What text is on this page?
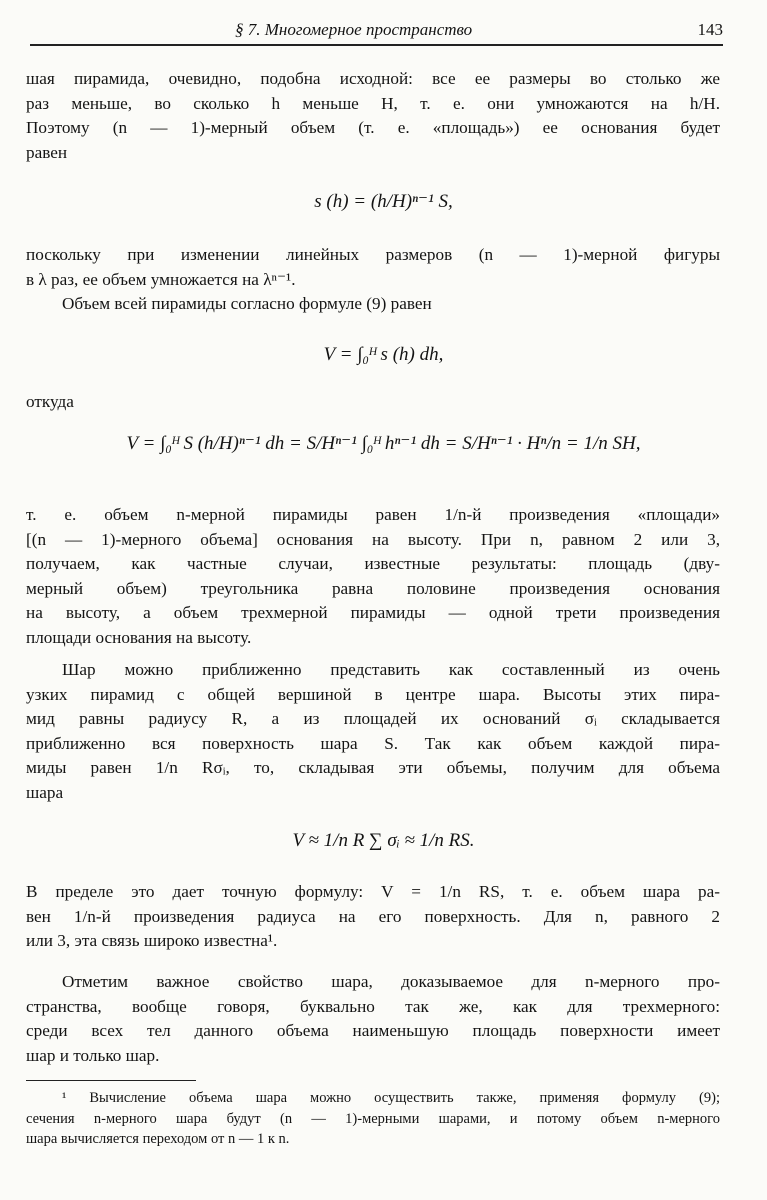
§ 7. Многомерное пространство	143
шая пирамида, очевидно, подобна исходной: все ее размеры во столько же
раз меньше, во сколько h меньше H, т. е. они умножаются на h/H.
Поэтому (n — 1)-мерный объем (т. е. «площадь») ее основания будет
равен
s (h) = (h/H)ⁿ⁻¹ S,
поскольку при изменении линейных размеров (n — 1)-мерной фигуры
в λ раз, ее объем умножается на λⁿ⁻¹.
Объем всей пирамиды согласно формуле (9) равен
V = ∫₀ᴴ s (h) dh,
откуда
V = ∫₀ᴴ S (h/H)ⁿ⁻¹ dh = S/Hⁿ⁻¹ ∫₀ᴴ hⁿ⁻¹ dh = S/Hⁿ⁻¹ · Hⁿ/n = 1/n SH,
т. е. объем n-мерной пирамиды равен 1/n-й произведения «площади»
[(n — 1)-мерного объема] основания на высоту. При n, равном 2 или 3,
получаем, как частные случаи, известные результаты: площадь (дву-
мерный объем) треугольника равна половине произведения основания
на высоту, а объем трехмерной пирамиды — одной трети произведения
площади основания на высоту.
Шар можно приближенно представить как составленный из очень
узких пирамид с общей вершиной в центре шара. Высоты этих пира-
мид равны радиусу R, а из площадей их оснований σᵢ складывается
приближенно вся поверхность шара S. Так как объем каждой пира-
миды равен 1/n Rσᵢ, то, складывая эти объемы, получим для объема
шара
V ≈ 1/n R ∑ σᵢ ≈ 1/n RS.
В пределе это дает точную формулу: V = 1/n RS, т. е. объем шара ра-
вен 1/n-й произведения радиуса на его поверхность. Для n, равного 2
или 3, эта связь широко известна¹.
Отметим важное свойство шара, доказываемое для n-мерного про-
странства, вообще говоря, буквально так же, как для трехмерного:
среди всех тел данного объема наименьшую площадь поверхности имеет
шар и только шар.
¹ Вычисление объема шара можно осуществить также, применяя формулу (9);
сечения n-мерного шара будут (n — 1)-мерными шарами, и потому объем n-мерного
шара вычисляется переходом от n — 1 к n.
